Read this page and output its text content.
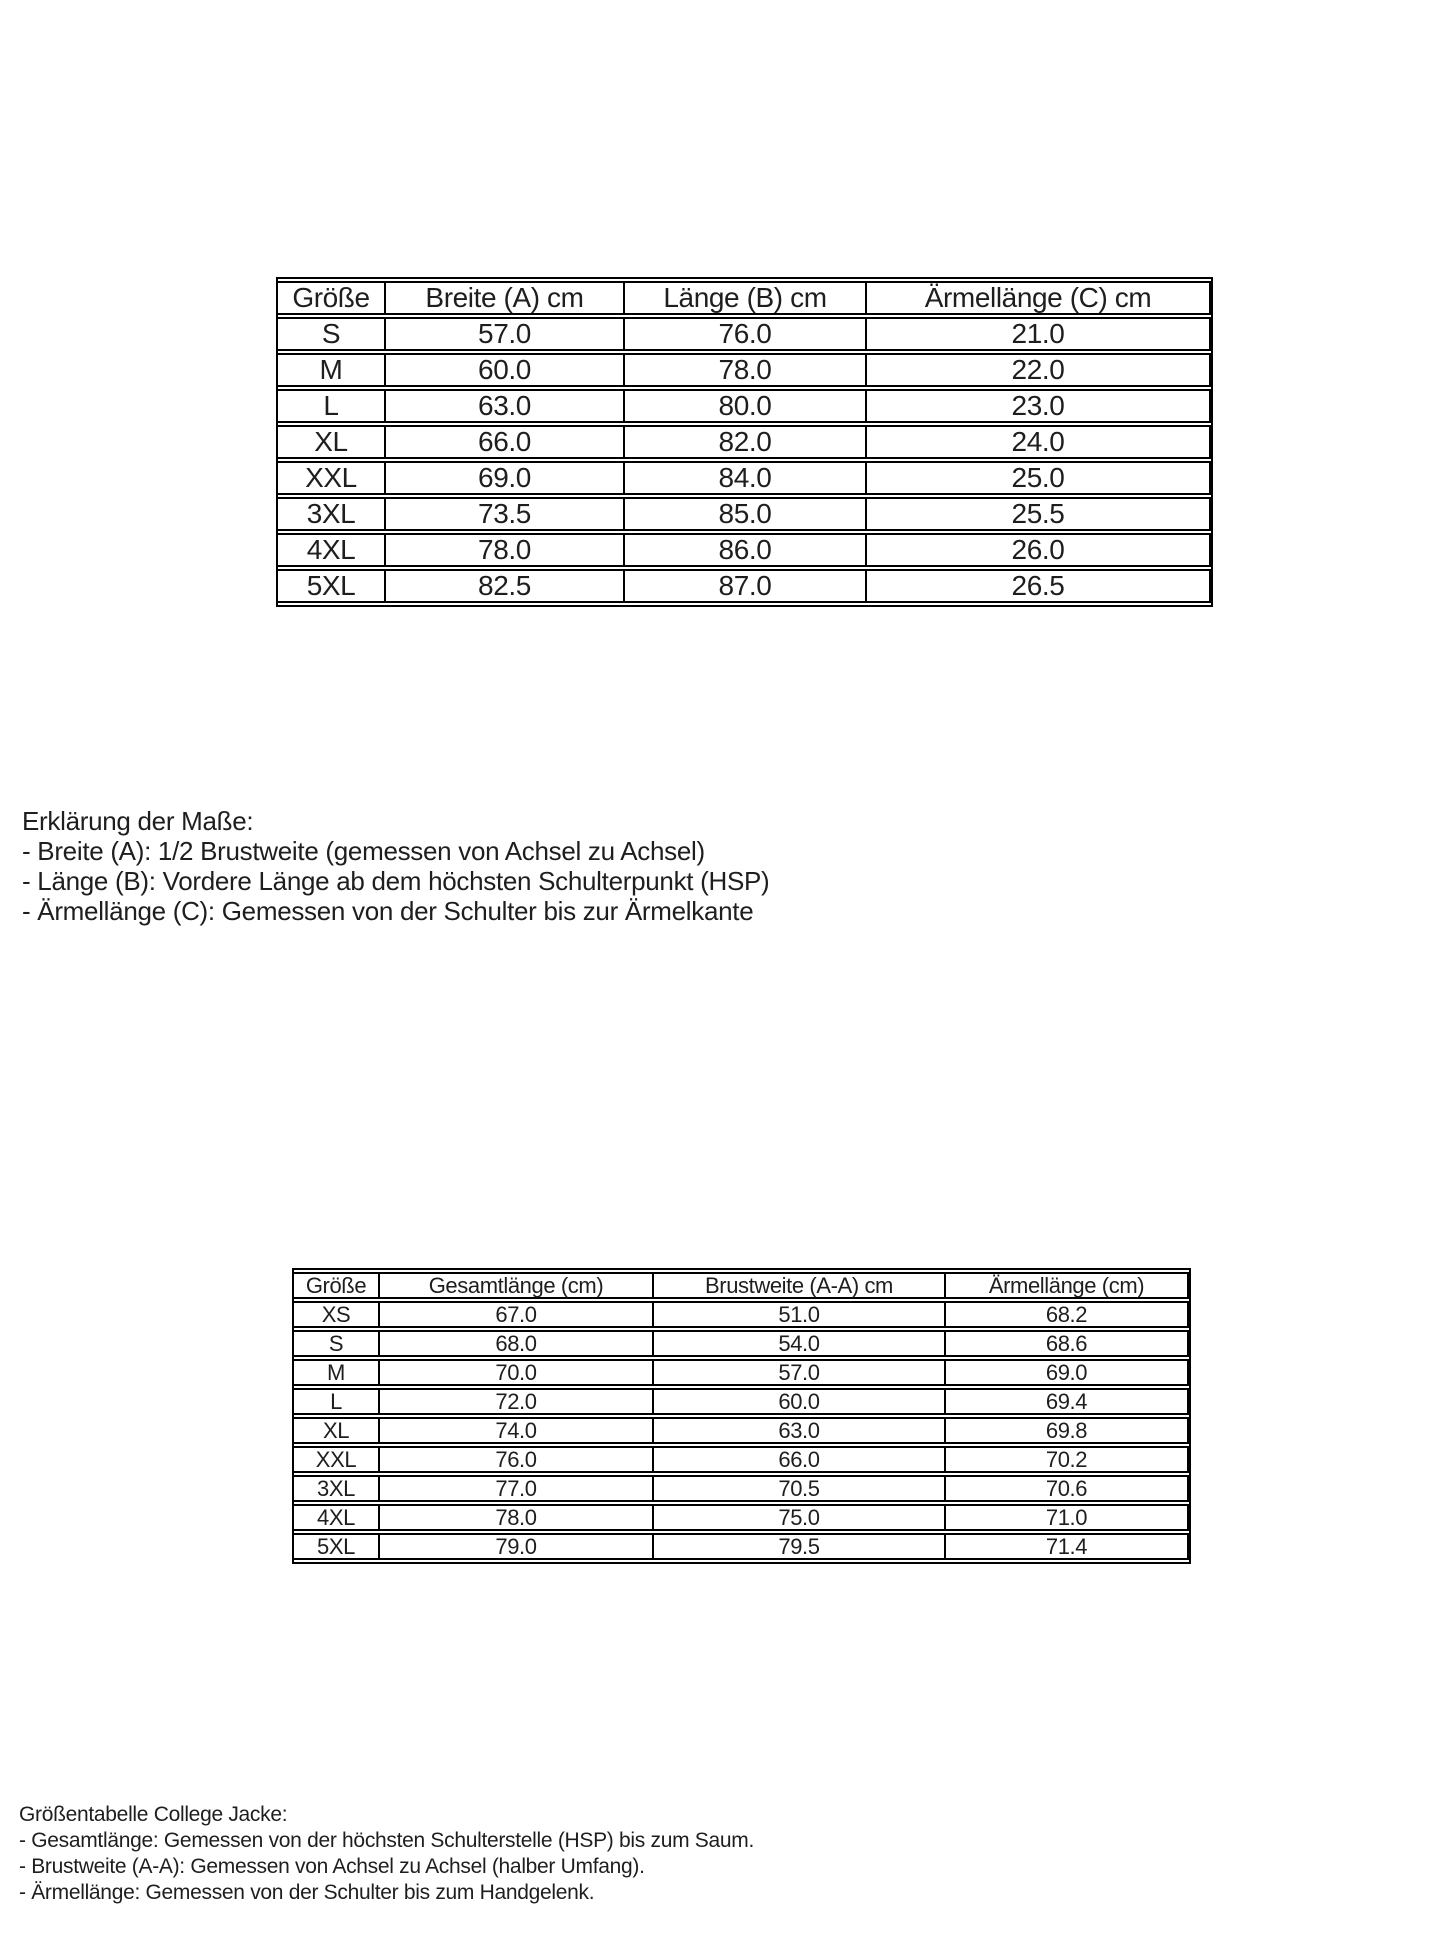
Größe	Breite (A) cm	Länge (B) cm	Ärmellänge (C) cm
S	57.0	76.0	21.0
M	60.0	78.0	22.0
L	63.0	80.0	23.0
XL	66.0	82.0	24.0
XXL	69.0	84.0	25.0
3XL	73.5	85.0	25.5
4XL	78.0	86.0	26.0
5XL	82.5	87.0	26.5
Erklärung der Maße:
- Breite (A): 1/2 Brustweite (gemessen von Achsel zu Achsel)
- Länge (B): Vordere Länge ab dem höchsten Schulterpunkt (HSP)
- Ärmellänge (C): Gemessen von der Schulter bis zur Ärmelkante
Größe	Gesamtlänge (cm)	Brustweite (A-A) cm	Ärmellänge (cm)
XS	67.0	51.0	68.2
S	68.0	54.0	68.6
M	70.0	57.0	69.0
L	72.0	60.0	69.4
XL	74.0	63.0	69.8
XXL	76.0	66.0	70.2
3XL	77.0	70.5	70.6
4XL	78.0	75.0	71.0
5XL	79.0	79.5	71.4
Größentabelle College Jacke:
- Gesamtlänge: Gemessen von der höchsten Schulterstelle (HSP) bis zum Saum.
- Brustweite (A-A): Gemessen von Achsel zu Achsel (halber Umfang).
- Ärmellänge: Gemessen von der Schulter bis zum Handgelenk.
